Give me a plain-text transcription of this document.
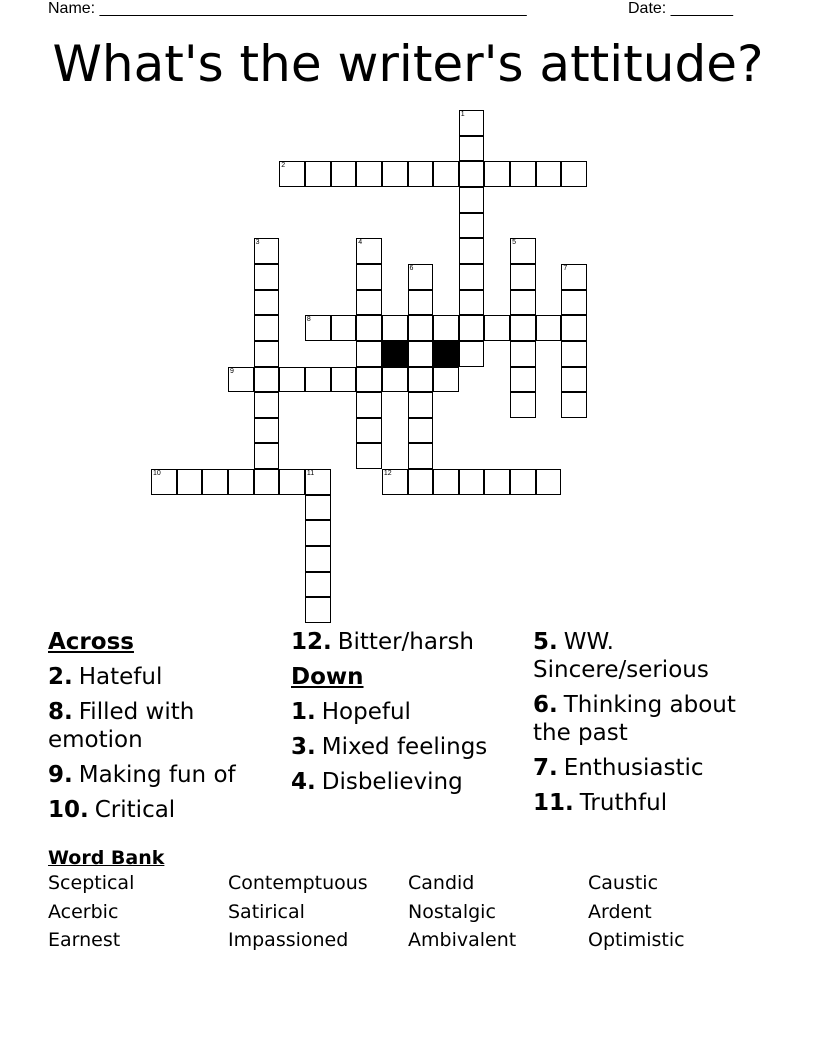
Name: ________________________________________________	Date: _______
What's the writer's attitude?
1
2
3	4	5
6	7
8
9
10	11	12
Across
2. Hateful
8. Filled with emotion
9. Making fun of
10. Critical
12. Bitter/harsh
Down
1. Hopeful
3. Mixed feelings
4. Disbelieving
5. WW. Sincere/serious
6. Thinking about the past
7. Enthusiastic
11. Truthful
Word Bank
Sceptical	Contemptuous	Candid	Caustic
Acerbic	Satirical	Nostalgic	Ardent
Earnest	Impassioned	Ambivalent	Optimistic
